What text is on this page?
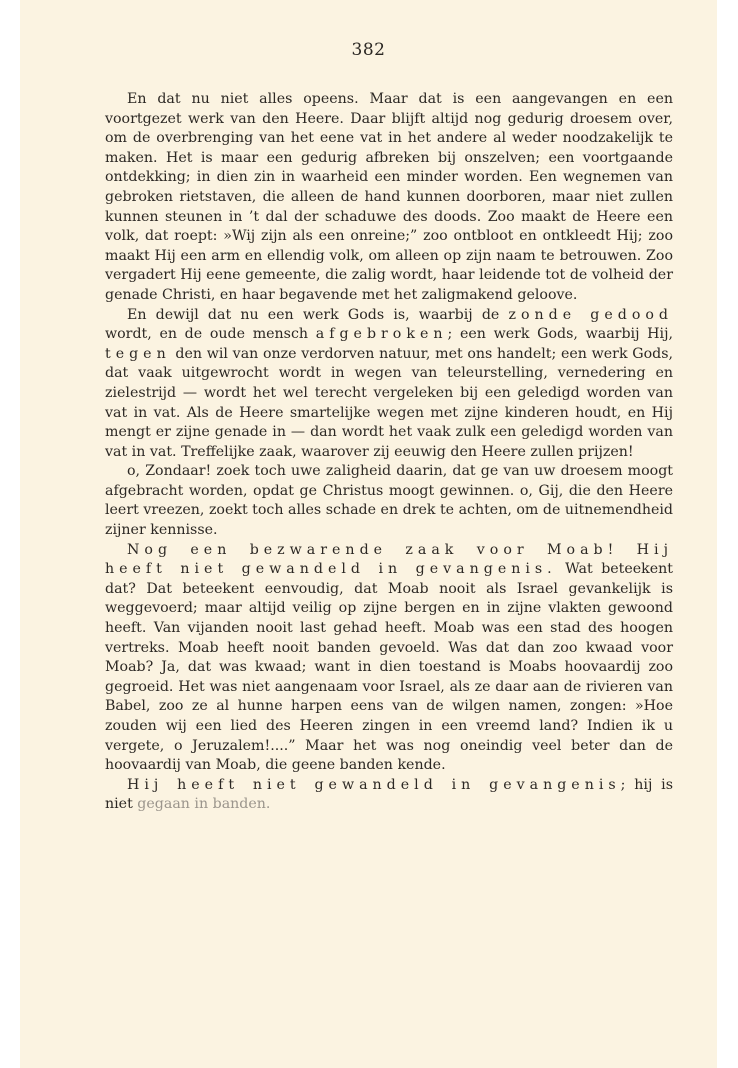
382

En dat nu niet alles opeens. Maar dat is een aangevangen en een voortgezet werk van den Heere. Daar blijft altijd nog gedurig droesem over, om de overbrenging van het eene vat in het andere al weder noodzakelijk te maken. Het is maar een gedurig afbreken bij onszelven; een voortgaande ontdekking; in dien zin in waarheid een minder worden. Een wegnemen van gebroken rietstaven, die alleen de hand kunnen doorboren, maar niet zullen kunnen steunen in ’t dal der schaduwe des doods. Zoo maakt de Heere een volk, dat roept: »Wij zijn als een onreine;” zoo ontbloot en ontkleedt Hij; zoo maakt Hij een arm en ellendig volk, om alleen op zijn naam te betrouwen. Zoo vergadert Hij eene gemeente, die zalig wordt, haar leidende tot de volheid der genade Christi, en haar begavende met het zaligmakend geloove.

En dewijl dat nu een werk Gods is, waarbij de zonde gedood wordt, en de oude mensch afgebroken; een werk Gods, waarbij Hij, tegen den wil van onze verdorven natuur, met ons handelt; een werk Gods, dat vaak uitgewrocht wordt in wegen van teleurstelling, vernedering en zielestrijd — wordt het wel terecht vergeleken bij een geledigd worden van vat in vat. Als de Heere smartelijke wegen met zijne kinderen houdt, en Hij mengt er zijne genade in — dan wordt het vaak zulk een geledigd worden van vat in vat. Treffelijke zaak, waarover zij eeuwig den Heere zullen prijzen!

o, Zondaar! zoek toch uwe zaligheid daarin, dat ge van uw droesem moogt afgebracht worden, opdat ge Christus moogt gewinnen. o, Gij, die den Heere leert vreezen, zoekt toch alles schade en drek te achten, om de uitnemendheid zijner kennisse.

Nog een bezwarende zaak voor Moab! Hij heeft niet gewandeld in gevangenis. Wat beteekent dat? Dat beteekent eenvoudig, dat Moab nooit als Israel gevankelijk is weggevoerd; maar altijd veilig op zijne bergen en in zijne vlakten gewoond heeft. Van vijanden nooit last gehad heeft. Moab was een stad des hoogen vertreks. Moab heeft nooit banden gevoeld. Was dat dan zoo kwaad voor Moab? Ja, dat was kwaad; want in dien toestand is Moabs hoovaardij zoo gegroeid. Het was niet aangenaam voor Israel, als ze daar aan de rivieren van Babel, zoo ze al hunne harpen eens van de wilgen namen, zongen: »Hoe zouden wij een lied des Heeren zingen in een vreemd land? Indien ik u vergete, o Jeruzalem!....” Maar het was nog oneindig veel beter dan de hoovaardij van Moab, die geene banden kende.

Hij heeft niet gewandeld in gevangenis; hij is niet gegaan in banden.
